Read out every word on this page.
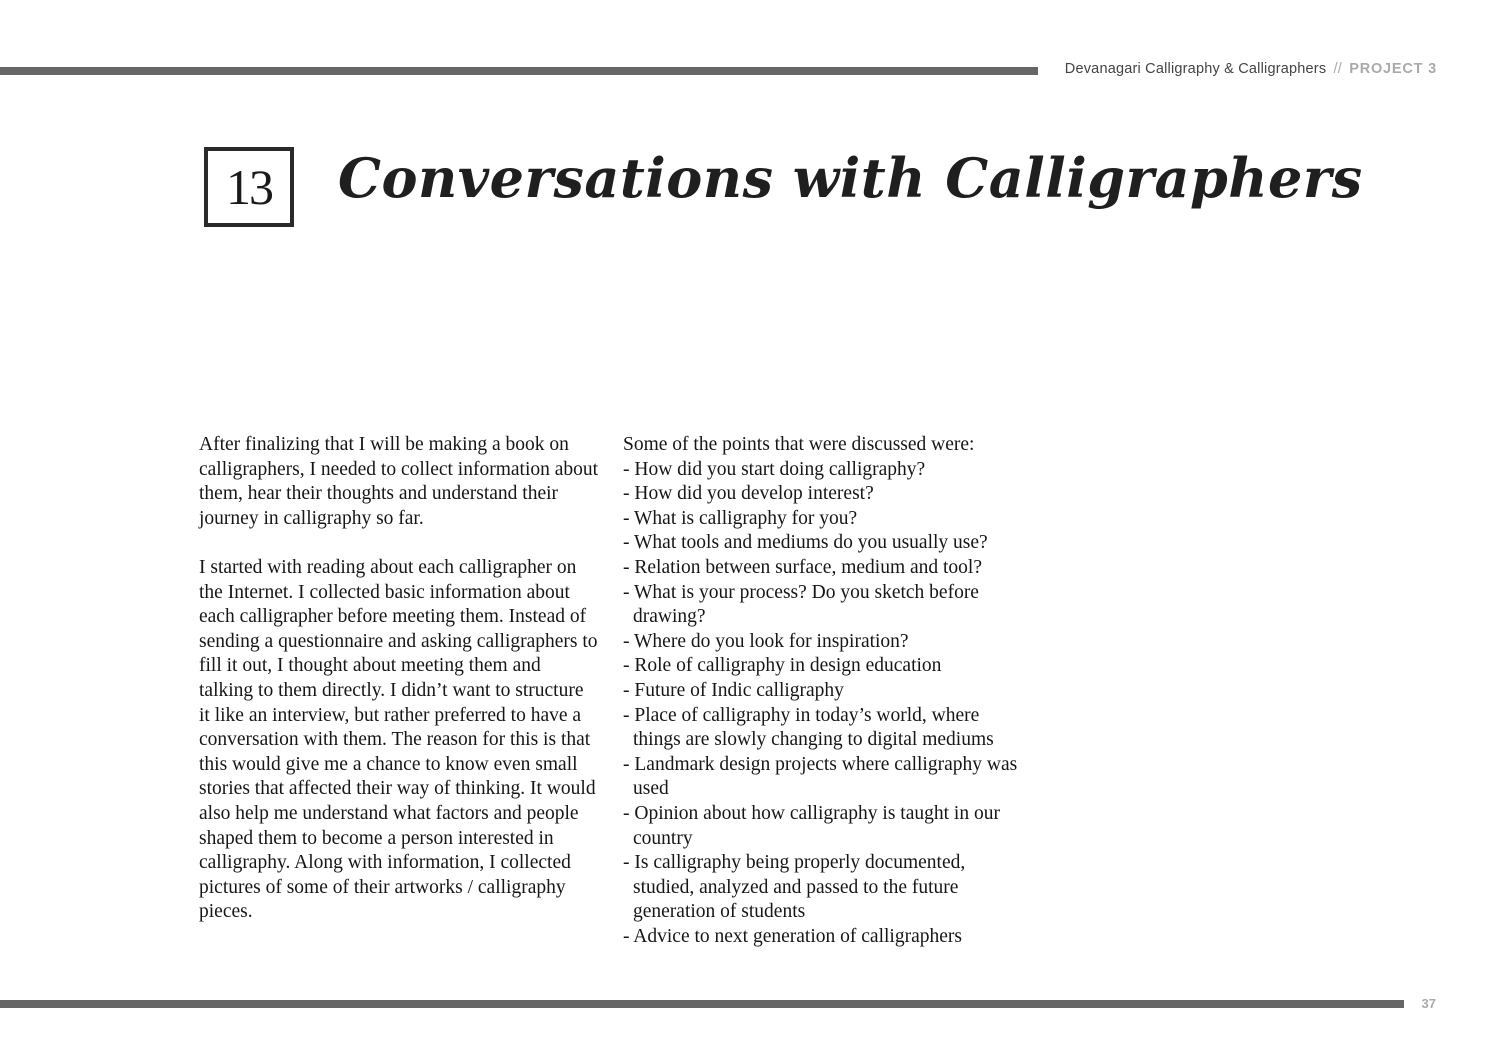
Devanagari Calligraphy & Calligraphers // PROJECT 3
13 Conversations with Calligraphers

After finalizing that I will be making a book on calligraphers, I needed to collect information about them, hear their thoughts and understand their journey in calligraphy so far.

I started with reading about each calligrapher on the Internet. I collected basic information about each calligrapher before meeting them. Instead of sending a questionnaire and asking calligraphers to fill it out, I thought about meeting them and talking to them directly. I didn’t want to structure it like an interview, but rather preferred to have a conversation with them. The reason for this is that this would give me a chance to know even small stories that affected their way of thinking. It would also help me understand what factors and people shaped them to become a person interested in calligraphy. Along with information, I collected pictures of some of their artworks / calligraphy pieces.

Some of the points that were discussed were:

- How did you start doing calligraphy?
- How did you develop interest?
- What is calligraphy for you?
- What tools and mediums do you usually use?
- Relation between surface, medium and tool?
- What is your process? Do you sketch before drawing?
- Where do you look for inspiration?
- Role of calligraphy in design education
- Future of Indic calligraphy
- Place of calligraphy in today’s world, where things are slowly changing to digital mediums
- Landmark design projects where calligraphy was used
- Opinion about how calligraphy is taught in our country
- Is calligraphy being properly documented, studied, analyzed and passed to the future generation of students
- Advice to next generation of calligraphers
37
